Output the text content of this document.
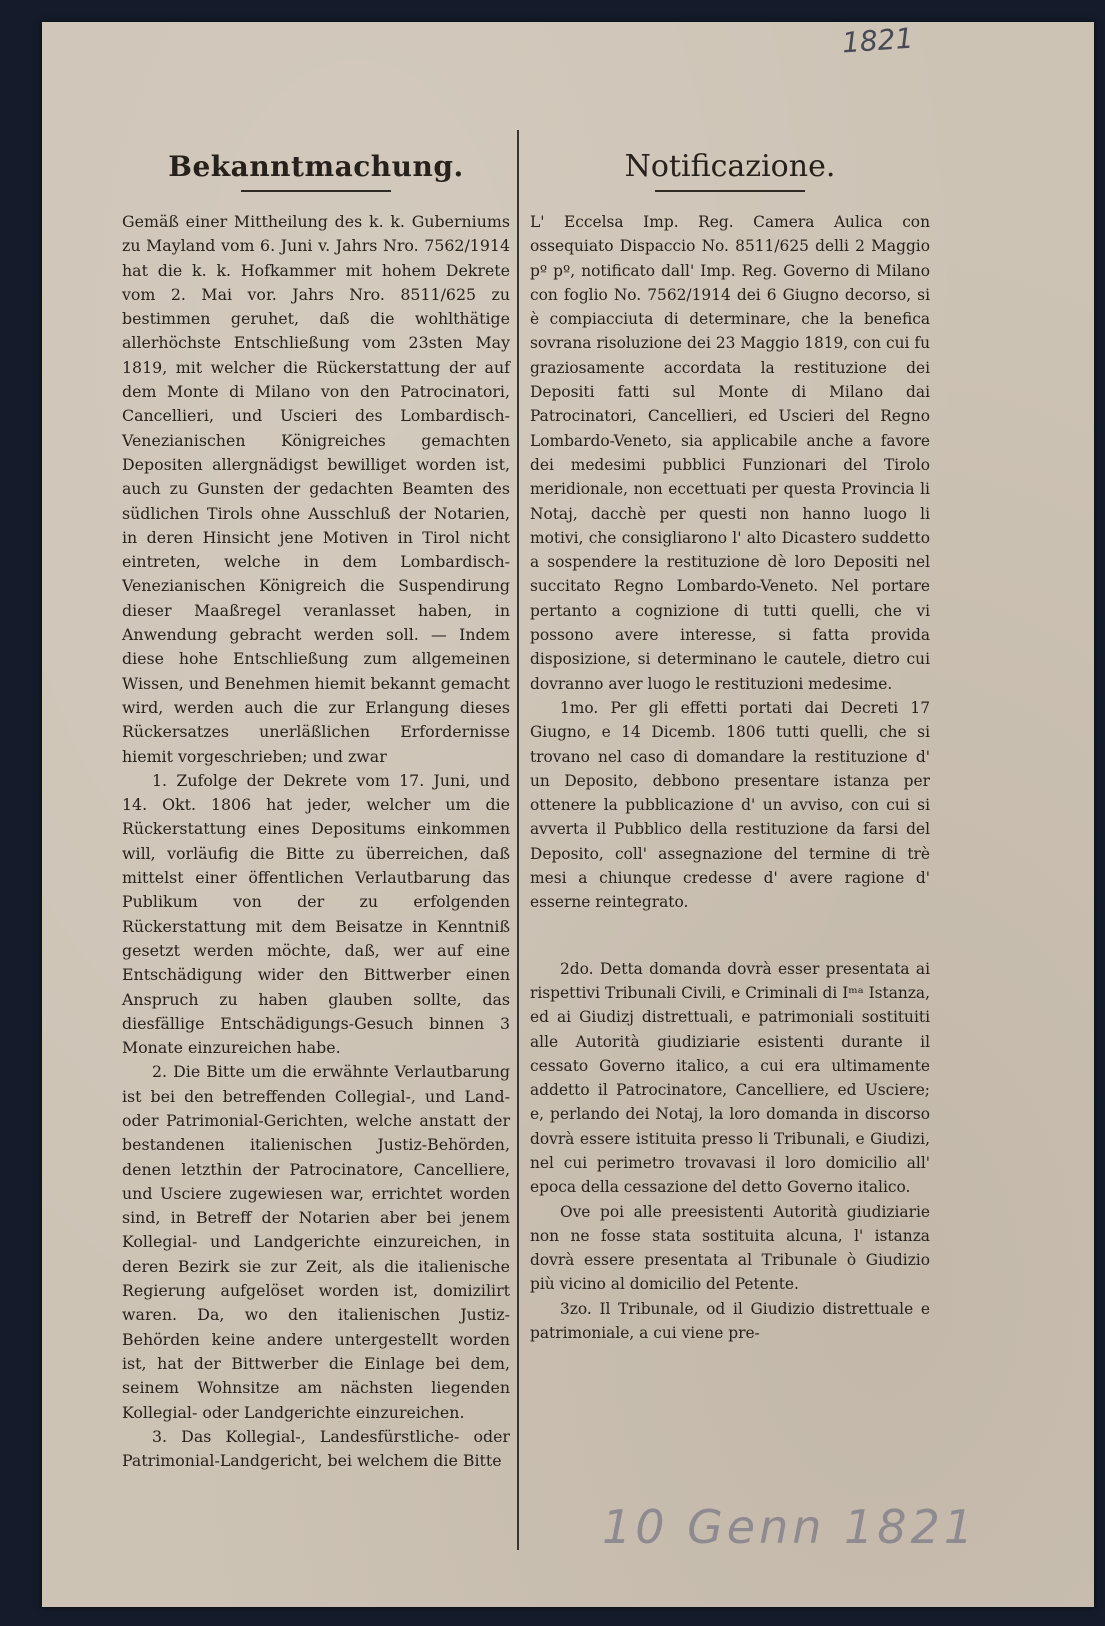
1821
Bekanntmachung.

Gemäß einer Mittheilung des k. k. Guberniums zu Mayland vom 6. Juni v. Jahrs Nro. 7562/1914 hat die k. k. Hofkammer mit hohem Dekrete vom 2. Mai vor. Jahrs Nro. 8511/625 zu bestimmen geruhet, daß die wohlthätige allerhöchste Entschließung vom 23sten May 1819, mit welcher die Rückerstattung der auf dem Monte di Milano von den Patrocinatori, Cancellieri, und Uscieri des Lombardisch-Venezianischen Königreiches gemachten Depositen allergnädigst bewilliget worden ist, auch zu Gunsten der gedachten Beamten des südlichen Tirols ohne Ausschluß der Notarien, in deren Hinsicht jene Motiven in Tirol nicht eintreten, welche in dem Lombardisch-Venezianischen Königreich die Suspendirung dieser Maaßregel veranlasset haben, in Anwendung gebracht werden soll. — Indem diese hohe Entschließung zum allgemeinen Wissen, und Benehmen hiemit bekannt gemacht wird, werden auch die zur Erlangung dieses Rückersatzes unerläßlichen Erfordernisse hiemit vorgeschrieben; und zwar

1. Zufolge der Dekrete vom 17. Juni, und 14. Okt. 1806 hat jeder, welcher um die Rückerstattung eines Depositums einkommen will, vorläufig die Bitte zu überreichen, daß mittelst einer öffentlichen Verlautbarung das Publikum von der zu erfolgenden Rückerstattung mit dem Beisatze in Kenntniß gesetzt werden möchte, daß, wer auf eine Entschädigung wider den Bittwerber einen Anspruch zu haben glauben sollte, das diesfällige Entschädigungs-Gesuch binnen 3 Monate einzureichen habe.

2. Die Bitte um die erwähnte Verlautbarung ist bei den betreffenden Collegial-, und Land- oder Patrimonial-Gerichten, welche anstatt der bestandenen italienischen Justiz-Behörden, denen letzthin der Patrocinatore, Cancelliere, und Usciere zugewiesen war, errichtet worden sind, in Betreff der Notarien aber bei jenem Kollegial- und Landgerichte einzureichen, in deren Bezirk sie zur Zeit, als die italienische Regierung aufgelöset worden ist, domizilirt waren. Da, wo den italienischen Justiz-Behörden keine andere untergestellt worden ist, hat der Bittwerber die Einlage bei dem, seinem Wohnsitze am nächsten liegenden Kollegial- oder Landgerichte einzureichen.

3. Das Kollegial-, Landesfürstliche- oder Patrimonial-Landgericht, bei welchem die Bitte

Notificazione.

L' Eccelsa Imp. Reg. Camera Aulica con ossequiato Dispaccio No. 8511/625 delli 2 Maggio pº pº, notificato dall' Imp. Reg. Governo di Milano con foglio No. 7562/1914 dei 6 Giugno decorso, si è compiacciuta di determinare, che la benefica sovrana risoluzione dei 23 Maggio 1819, con cui fu graziosamente accordata la restituzione dei Depositi fatti sul Monte di Milano dai Patrocinatori, Cancellieri, ed Uscieri del Regno Lombardo-Veneto, sia applicabile anche a favore dei medesimi pubblici Funzionari del Tirolo meridionale, non eccettuati per questa Provincia li Notaj, dacchè per questi non hanno luogo li motivi, che consigliarono l' alto Dicastero suddetto a sospendere la restituzione dè loro Depositi nel succitato Regno Lombardo-Veneto. Nel portare pertanto a cognizione di tutti quelli, che vi possono avere interesse, si fatta provida disposizione, si determinano le cautele, dietro cui dovranno aver luogo le restituzioni medesime.

1mo. Per gli effetti portati dai Decreti 17 Giugno, e 14 Dicemb. 1806 tutti quelli, che si trovano nel caso di domandare la restituzione d' un Deposito, debbono presentare istanza per ottenere la pubblicazione d' un avviso, con cui si avverta il Pubblico della restituzione da farsi del Deposito, coll' assegnazione del termine di trè mesi a chiunque credesse d' avere ragione d' esserne reintegrato.

2do. Detta domanda dovrà esser presentata ai rispettivi Tribunali Civili, e Criminali di Iᵐᵃ Istanza, ed ai Giudizj distrettuali, e patrimoniali sostituiti alle Autorità giudiziarie esistenti durante il cessato Governo italico, a cui era ultimamente addetto il Patrocinatore, Cancelliere, ed Usciere; e, perlando dei Notaj, la loro domanda in discorso dovrà essere istituita presso li Tribunali, e Giudizi, nel cui perimetro trovavasi il loro domicilio all' epoca della cessazione del detto Governo italico.

Ove poi alle preesistenti Autorità giudiziarie non ne fosse stata sostituita alcuna, l' istanza dovrà essere presentata al Tribunale ò Giudizio più vicino al domicilio del Petente.

3zo. Il Tribunale, od il Giudizio distrettuale e patrimoniale, a cui viene pre-

10 Genn 1821
